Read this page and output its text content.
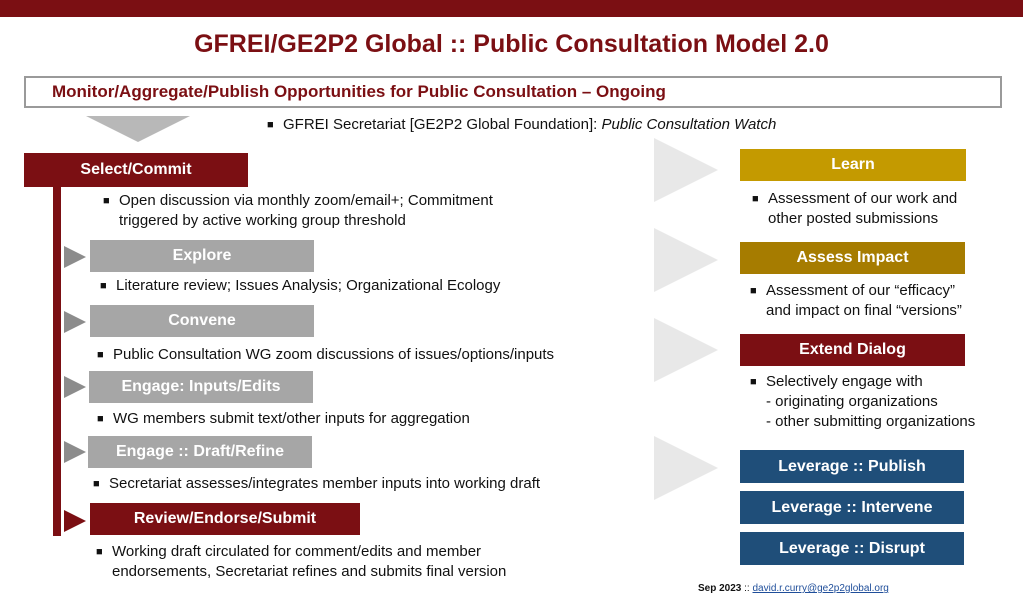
GFREI/GE2P2 Global :: Public Consultation Model 2.0
Monitor/Aggregate/Publish Opportunities for Public Consultation – Ongoing
■ GFREI Secretariat [GE2P2 Global Foundation]: Public Consultation Watch
Select/Commit
■ Open discussion via monthly zoom/email+; Commitment
triggered by active working group threshold
Explore
■ Literature review; Issues Analysis; Organizational Ecology
Convene
■ Public Consultation WG zoom discussions of issues/options/inputs
Engage: Inputs/Edits
■ WG members submit text/other inputs for aggregation
Engage :: Draft/Refine
■ Secretariat assesses/integrates member inputs into working draft
Review/Endorse/Submit
■ Working draft circulated for comment/edits and member
endorsements, Secretariat refines and submits final version
Learn
■ Assessment of our work and
other posted submissions
Assess Impact
■ Assessment of our “efficacy”
and impact on final “versions”
Extend Dialog
■ Selectively engage with
- originating organizations
- other submitting organizations
Leverage :: Publish
Leverage :: Intervene
Leverage :: Disrupt
Sep 2023 :: david.r.curry@ge2p2global.org
